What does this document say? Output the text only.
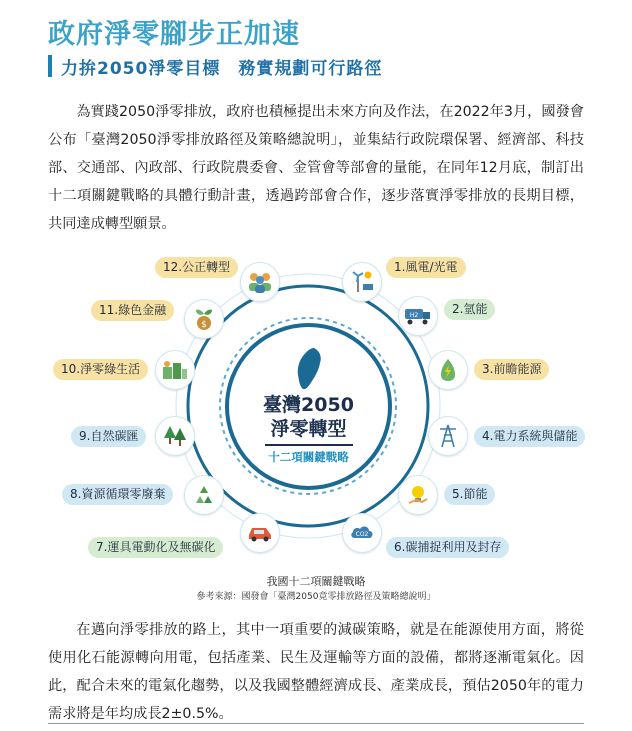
政府淨零腳步正加速
力拚2050淨零目標　務實規劃可行路徑
為實踐2050淨零排放，政府也積極提出未來方向及作法，在2022年3月，國發會公布「臺灣2050淨零排放路徑及策略總說明」，並集結行政院環保署、經濟部、科技部、交通部、內政部、行政院農委會、金管會等部會的量能，在同年12月底，制訂出十二項關鍵戰略的具體行動計畫，透過跨部會合作，逐步落實淨零排放的長期目標，共同達成轉型願景。
臺灣2050
淨零轉型
十二項關鍵戰略
12.公正轉型	1.風電/光電
11.綠色金融
$
H2	2.氫能
10.淨零綠生活	3.前瞻能源
9.自然碳匯	4.電力系統與儲能
8.資源循環零廢棄	5.節能
7.運具電動化及無碳化
CO2
6.碳捕捉利用及封存
我國十二項關鍵戰略
參考來源：國發會「臺灣2050竟零排放路徑及策略總說明」
在邁向淨零排放的路上，其中一項重要的減碳策略，就是在能源使用方面，將從使用化石能源轉向用電，包括產業、民生及運輸等方面的設備，都將逐漸電氣化。因此，配合未來的電氣化趨勢，以及我國整體經濟成長、產業成長，預估2050年的電力需求將是年均成長2±0.5%。
